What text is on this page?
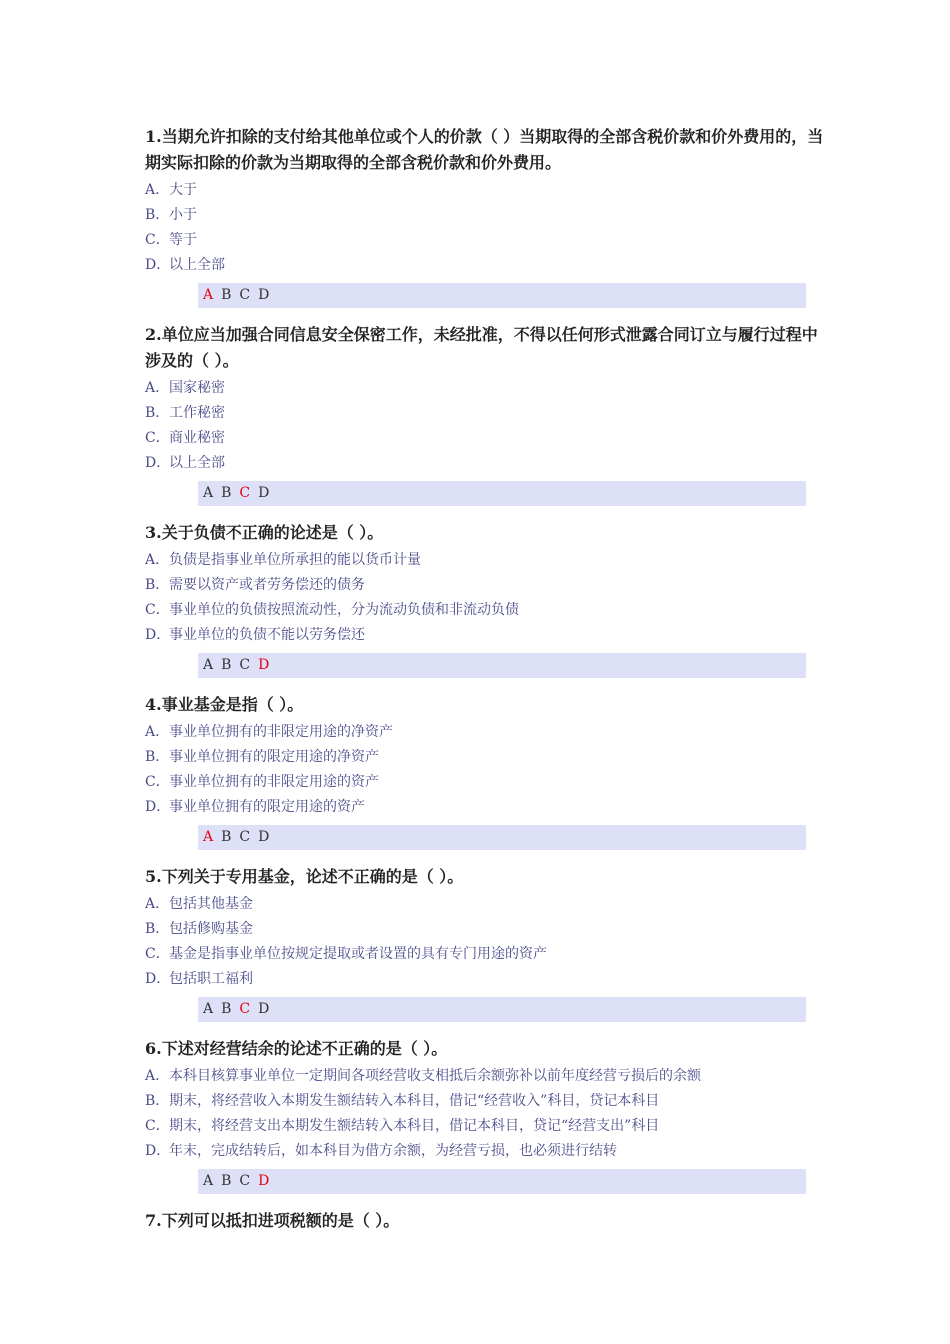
1.当期允许扣除的支付给其他单位或个人的价款（ ）当期取得的全部含税价款和价外费用的，当期实际扣除的价款为当期取得的全部含税价款和价外费用。
A．大于
B．小于
C．等于
D．以上全部
A B C D
2.单位应当加强合同信息安全保密工作，未经批准，不得以任何形式泄露合同订立与履行过程中涉及的（ ）。
A．国家秘密
B．工作秘密
C．商业秘密
D．以上全部
A B C D
3.关于负债不正确的论述是（ ）。
A．负债是指事业单位所承担的能以货币计量
B．需要以资产或者劳务偿还的债务
C．事业单位的负债按照流动性，分为流动负债和非流动负债
D．事业单位的负债不能以劳务偿还
A B C D
4.事业基金是指（ ）。
A．事业单位拥有的非限定用途的净资产
B．事业单位拥有的限定用途的净资产
C．事业单位拥有的非限定用途的资产
D．事业单位拥有的限定用途的资产
A B C D
5.下列关于专用基金，论述不正确的是（ ）。
A．包括其他基金
B．包括修购基金
C．基金是指事业单位按规定提取或者设置的具有专门用途的资产
D．包括职工福利
A B C D
6.下述对经营结余的论述不正确的是（ ）。
A．本科目核算事业单位一定期间各项经营收支相抵后余额弥补以前年度经营亏损后的余额
B．期末，将经营收入本期发生额结转入本科目，借记“经营收入”科目，贷记本科目
C．期末，将经营支出本期发生额结转入本科目，借记本科目，贷记“经营支出”科目
D．年末，完成结转后，如本科目为借方余额，为经营亏损，也必须进行结转
A B C D
7.下列可以抵扣进项税额的是（ ）。
